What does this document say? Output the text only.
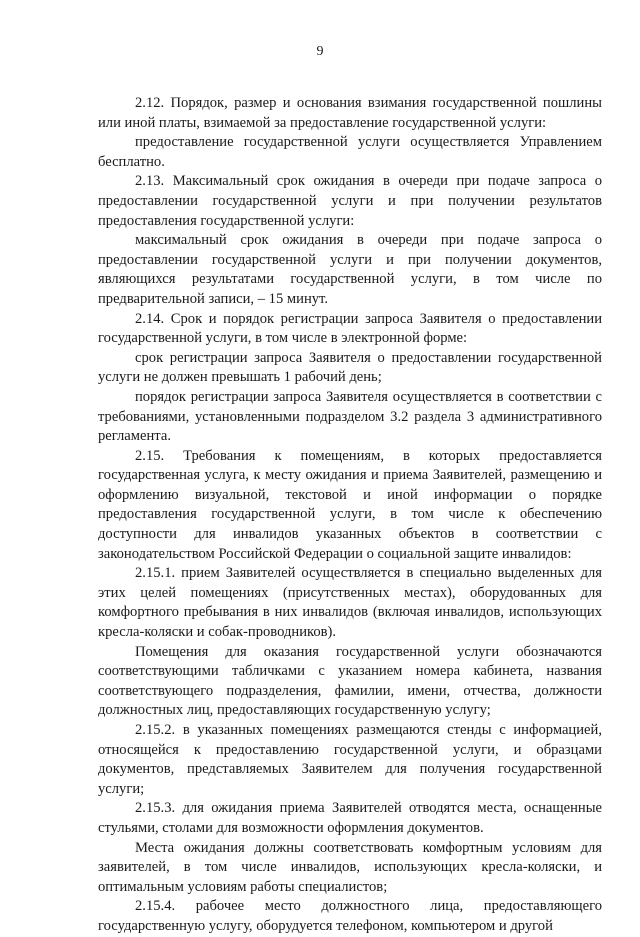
9

2.12. Порядок, размер и основания взимания государственной пошлины или иной платы, взимаемой за предоставление государственной услуги:

предоставление государственной услуги осуществляется Управлением бесплатно.

2.13. Максимальный срок ожидания в очереди при подаче запроса о предоставлении государственной услуги и при получении результатов предоставления государственной услуги:

максимальный срок ожидания в очереди при подаче запроса о предоставлении государственной услуги и при получении документов, являющихся результатами государственной услуги, в том числе по предварительной записи, – 15 минут.

2.14. Срок и порядок регистрации запроса Заявителя о предоставлении государственной услуги, в том числе в электронной форме:

срок регистрации запроса Заявителя о предоставлении государственной услуги не должен превышать 1 рабочий день;

порядок регистрации запроса Заявителя осуществляется в соответствии с требованиями, установленными подразделом 3.2 раздела 3 административного регламента.

2.15. Требования к помещениям, в которых предоставляется государственная услуга, к месту ожидания и приема Заявителей, размещению и оформлению визуальной, текстовой и иной информации о порядке предоставления государственной услуги, в том числе к обеспечению доступности для инвалидов указанных объектов в соответствии с законодательством Российской Федерации о социальной защите инвалидов:

2.15.1. прием Заявителей осуществляется в специально выделенных для этих целей помещениях (присутственных местах), оборудованных для комфортного пребывания в них инвалидов (включая инвалидов, использующих кресла-коляски и собак-проводников).

Помещения для оказания государственной услуги обозначаются соответствующими табличками с указанием номера кабинета, названия соответствующего подразделения, фамилии, имени, отчества, должности должностных лиц, предоставляющих государственную услугу;

2.15.2. в указанных помещениях размещаются стенды с информацией, относящейся к предоставлению государственной услуги, и образцами документов, представляемых Заявителем для получения государственной услуги;

2.15.3. для ожидания приема Заявителей отводятся места, оснащенные стульями, столами для возможности оформления документов.

Места ожидания должны соответствовать комфортным условиям для заявителей, в том числе инвалидов, использующих кресла-коляски, и оптимальным условиям работы специалистов;

2.15.4. рабочее место должностного лица, предоставляющего государственную услугу, оборудуется телефоном, компьютером и другой
